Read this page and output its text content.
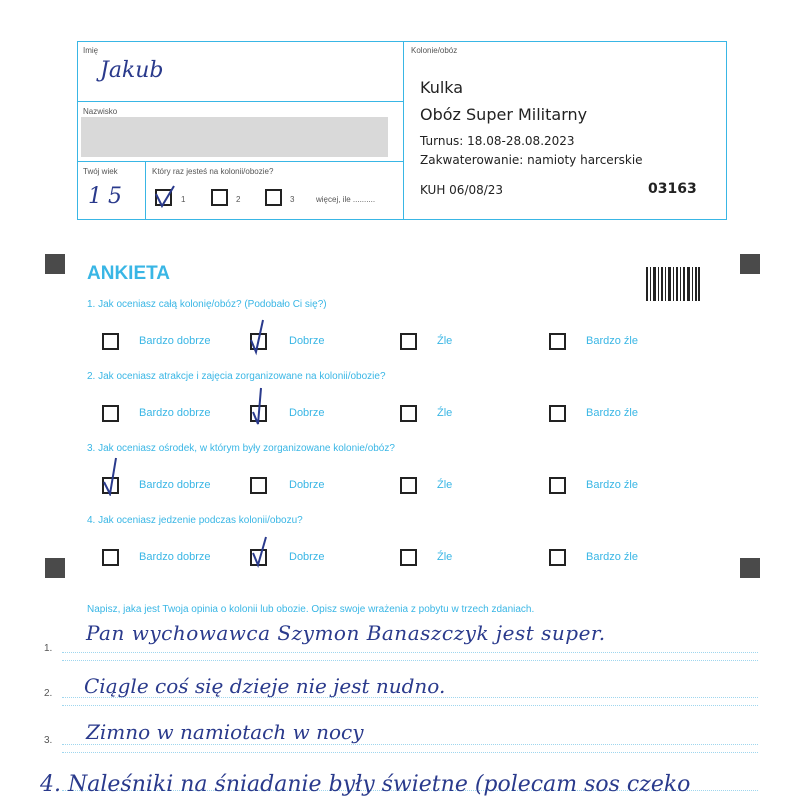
Imię
Jakub
Nazwisko
Twój wiek
15
Który raz jesteś na kolonii/obozie?
1	2	3	więcej, ile ..........
Kolonie/obóz
Kulka
Obóz Super Militarny
Turnus: 18.08-28.08.2023
Zakwaterowanie: namioty harcerskie
KUH 06/08/23	03163
ANKIETA
1. Jak oceniasz całą kolonię/obóz? (Podobało Ci się?)
Bardzo dobrze	Dobrze	Źle	Bardzo źle
2. Jak oceniasz atrakcje i zajęcia zorganizowane na kolonii/obozie?
Bardzo dobrze	Dobrze	Źle	Bardzo źle
3. Jak oceniasz ośrodek, w którym były zorganizowane kolonie/obóz?
Bardzo dobrze	Dobrze	Źle	Bardzo źle
4. Jak oceniasz jedzenie podczas kolonii/obozu?
Bardzo dobrze	Dobrze	Źle	Bardzo źle
Napisz, jaka jest Twoja opinia o kolonii lub obozie. Opisz swoje wrażenia z pobytu w trzech zdaniach.
1.
Pan wychowawca Szymon Banaszczyk jest super.
2. Ciągle coś się dzieje nie jest nudno.
3. Zimno w namiotach w nocy
4. Naleśniki na śniadanie były świetne (polecam sos czeko
